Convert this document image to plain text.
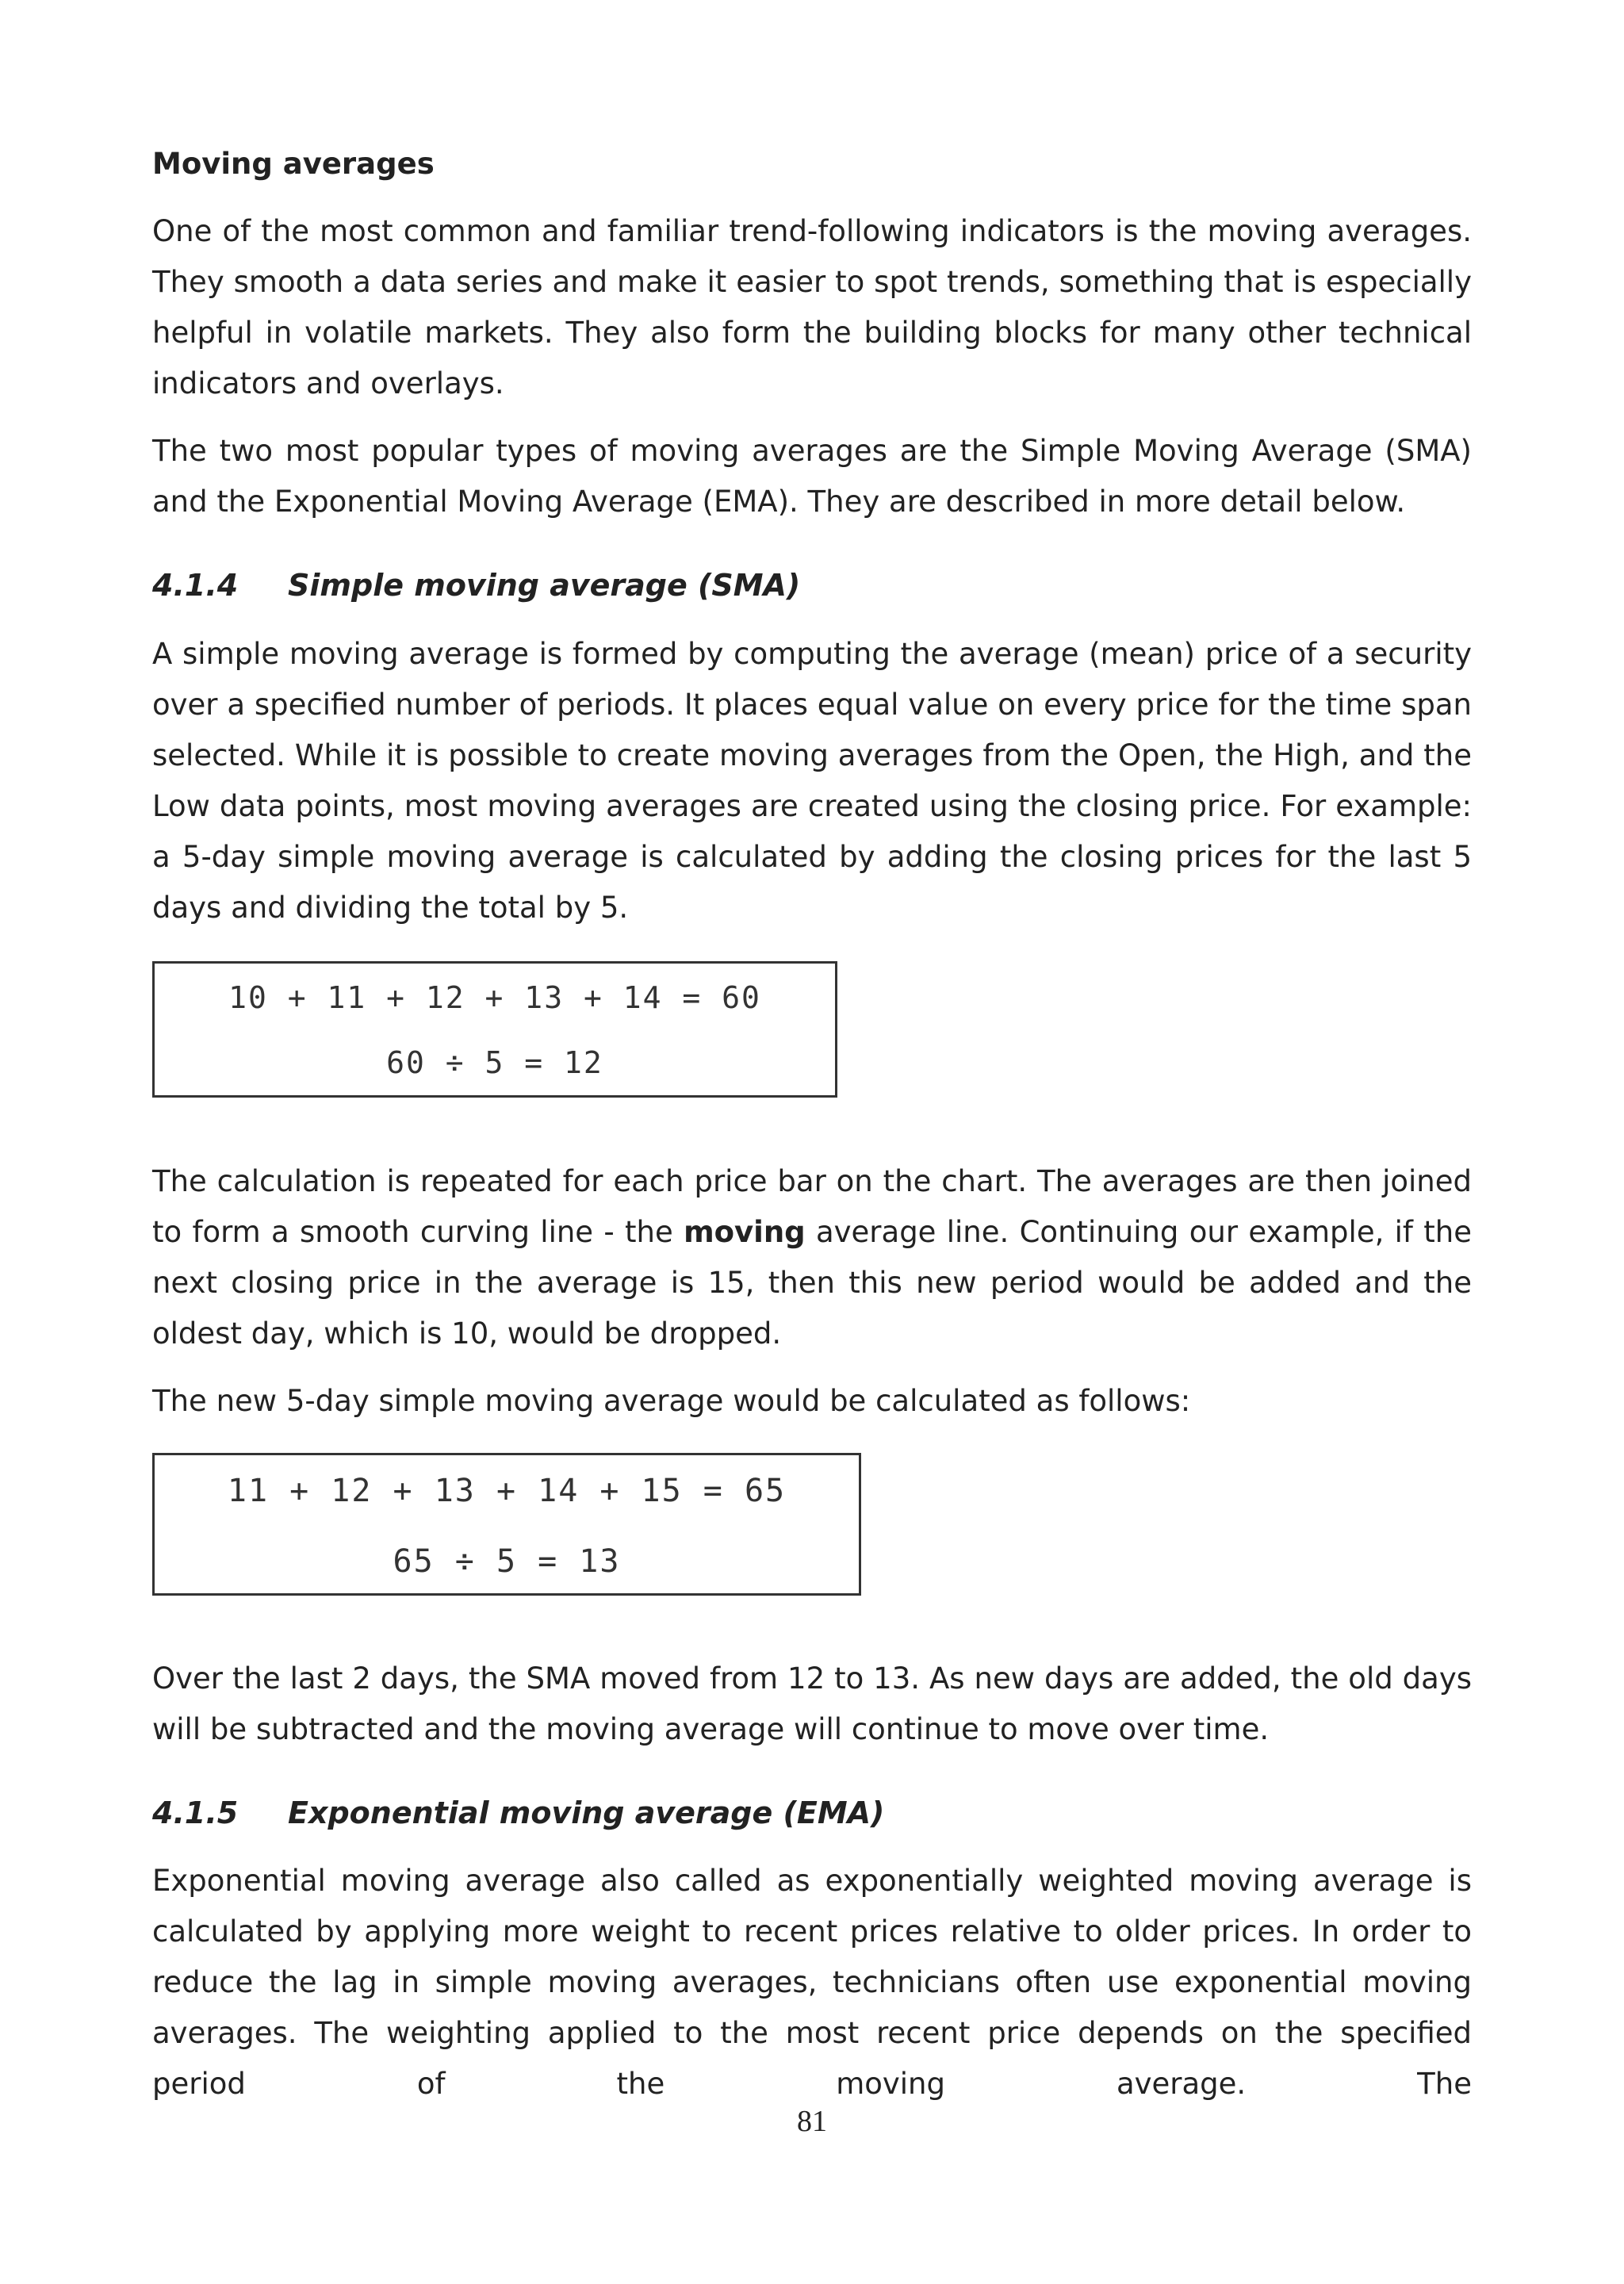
Moving averages

One of the most common and familiar trend-following indicators is the moving averages. They smooth a data series and make it easier to spot trends, something that is especially helpful in volatile markets. They also form the building blocks for many other technical indicators and overlays.

The two most popular types of moving averages are the Simple Moving Average (SMA) and the Exponential Moving Average (EMA). They are described in more detail below.

4.1.4 Simple moving average (SMA)

A simple moving average is formed by computing the average (mean) price of a security over a specified number of periods. It places equal value on every price for the time span selected. While it is possible to create moving averages from the Open, the High, and the Low data points, most moving averages are created using the closing price. For example: a 5-day simple moving average is calculated by adding the closing prices for the last 5 days and dividing the total by 5.

10 + 11 + 12 + 13 + 14 = 60
60 ÷ 5 = 12

The calculation is repeated for each price bar on the chart. The averages are then joined to form a smooth curving line - the moving average line. Continuing our example, if the next closing price in the average is 15, then this new period would be added and the oldest day, which is 10, would be dropped.

The new 5-day simple moving average would be calculated as follows:

11 + 12 + 13 + 14 + 15 = 65
65 ÷ 5 = 13

Over the last 2 days, the SMA moved from 12 to 13. As new days are added, the old days will be subtracted and the moving average will continue to move over time.

4.1.5 Exponential moving average (EMA)

Exponential moving average also called as exponentially weighted moving average is calculated by applying more weight to recent prices relative to older prices. In order to reduce the lag in simple moving averages, technicians often use exponential moving averages. The weighting applied to the most recent price depends on the specified period of the moving average. The

81
